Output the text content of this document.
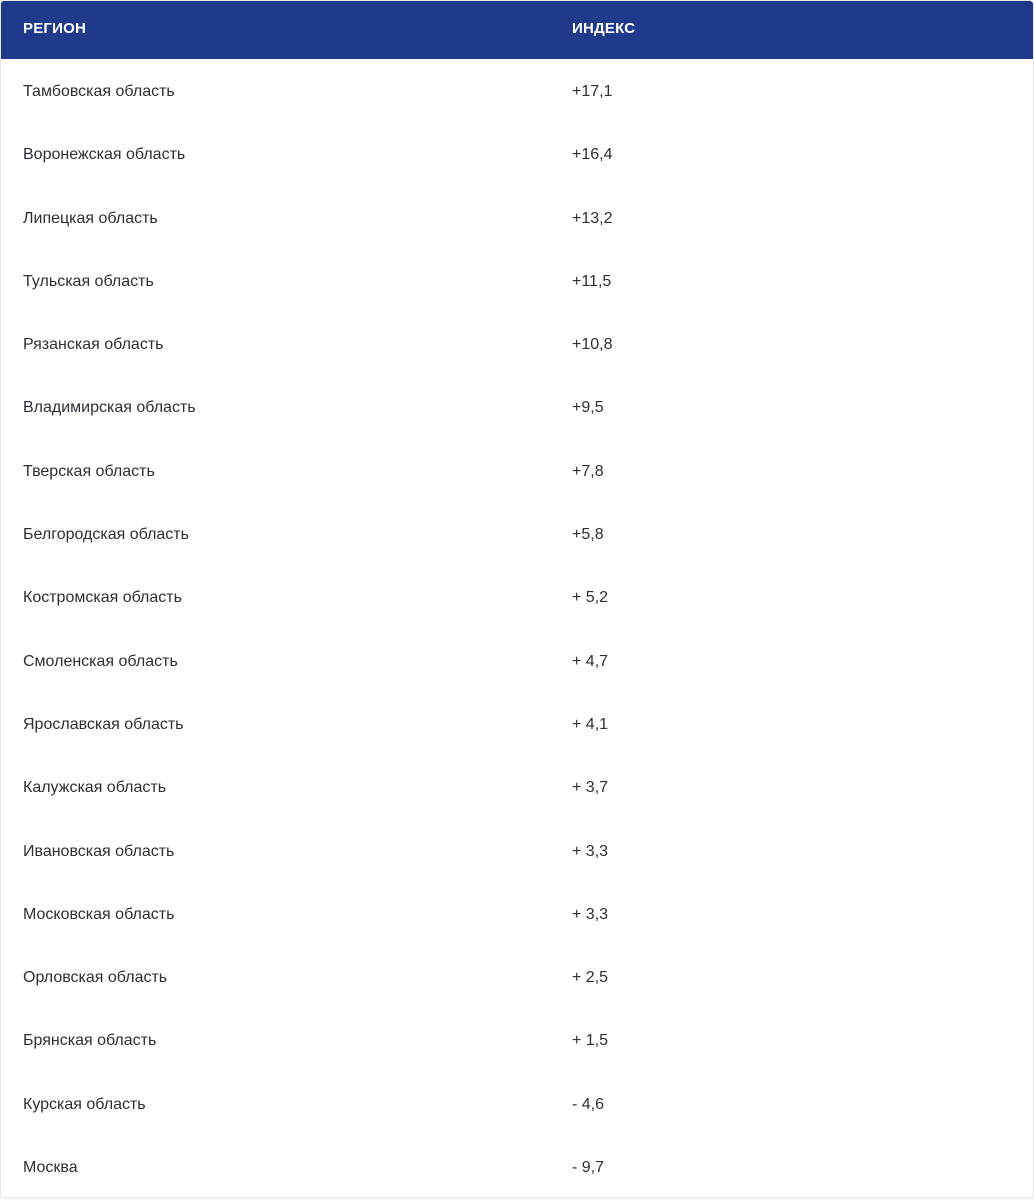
РЕГИОН	ИНДЕКС
Тамбовская область	+17,1
Воронежская область	+16,4
Липецкая область	+13,2
Тульская область	+11,5
Рязанская область	+10,8
Владимирская область	+9,5
Тверская область	+7,8
Белгородская область	+5,8
Костромская область	+ 5,2
Смоленская область	+ 4,7
Ярославская область	+ 4,1
Калужская область	+ 3,7
Ивановская область	+ 3,3
Московская область	+ 3,3
Орловская область	+ 2,5
Брянская область	+ 1,5
Курская область	- 4,6
Москва	- 9,7
